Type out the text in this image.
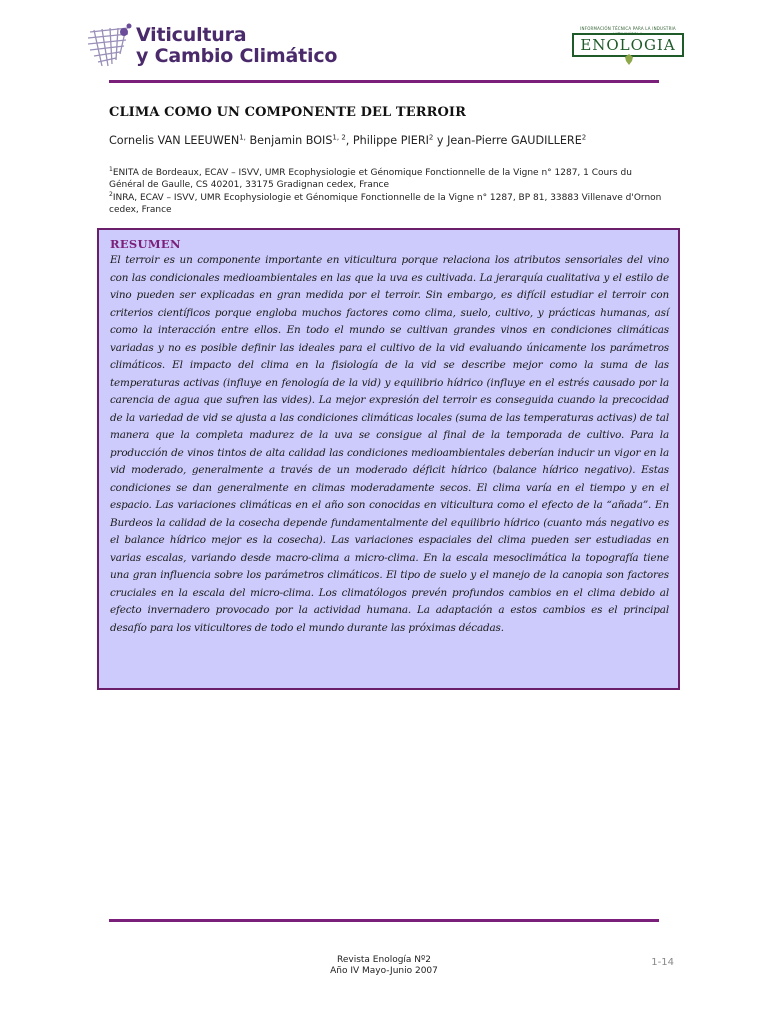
Viticultura
y Cambio Climático
INFORMACIÓN TÉCNICA PARA LA INDUSTRIA
ENOLOGIA
CLIMA COMO UN COMPONENTE DEL TERROIR
Cornelis VAN $LEEUWEN^{1,}$ Benjamin BOIS$^{1, 2}$, Philippe PIERI$^2$ y Jean-Pierre GAUDILLERE$^2$
$^1$ENITA de Bordeaux, ECAV – ISVV, UMR Ecophysiologie et Génomique Fonctionnelle de la Vigne n° 1287, 1 Cours du Général de Gaulle, CS 40201, 33175 Gradignan cedex, France
$^2$INRA, ECAV – ISVV, UMR Ecophysiologie et Génomique Fonctionnelle de la Vigne n° 1287, BP 81, 33883 Villenave d'Ornon cedex, France
RESUMEN
El terroir es un componente importante en viticultura porque relaciona los atributos sensoriales del vino con las condicionales medioambientales en las que la uva es cultivada. La jerarquía cualitativa y el estilo de vino pueden ser explicadas en gran medida por el terroir. Sin embargo, es difícil estudiar el terroir con criterios científicos porque engloba muchos factores como clima, suelo, cultivo, y prácticas humanas, así como la interacción entre ellos. En todo el mundo se cultivan grandes vinos en condiciones climáticas variadas y no es posible definir las ideales para el cultivo de la vid evaluando únicamente los parámetros climáticos. El impacto del clima en la fisiología de la vid se describe mejor como la suma de las temperaturas activas (influye en fenología de la vid) y equilibrio hídrico (influye en el estrés causado por la carencia de agua que sufren las vides). La mejor expresión del terroir es conseguida cuando la precocidad de la variedad de vid se ajusta a las condiciones climáticas locales (suma de las temperaturas activas) de tal manera que la completa madurez de la uva se consigue al final de la temporada de cultivo. Para la producción de vinos tintos de alta calidad las condiciones medioambientales deberían inducir un vigor en la vid moderado, generalmente a través de un moderado déficit hídrico (balance hídrico negativo). Estas condiciones se dan generalmente en climas moderadamente secos. El clima varía en el tiempo y en el espacio. Las variaciones climáticas en el año son conocidas en viticultura como el efecto de la “añada”. En Burdeos la calidad de la cosecha depende fundamentalmente del equilibrio hídrico (cuanto más negativo es el balance hídrico mejor es la cosecha). Las variaciones espaciales del clima pueden ser estudiadas en varias escalas, variando desde macro-clima a micro-clima. En la escala mesoclimática la topografía tiene una gran influencia sobre los parámetros climáticos. El tipo de suelo y el manejo de la canopia son factores cruciales en la escala del micro-clima. Los climatólogos prevén profundos cambios en el clima debido al efecto invernadero provocado por la actividad humana. La adaptación a estos cambios es el principal desafío para los viticultores de todo el mundo durante las próximas décadas.
Revista Enología Nº2
Año IV Mayo-Junio 2007
1-14
